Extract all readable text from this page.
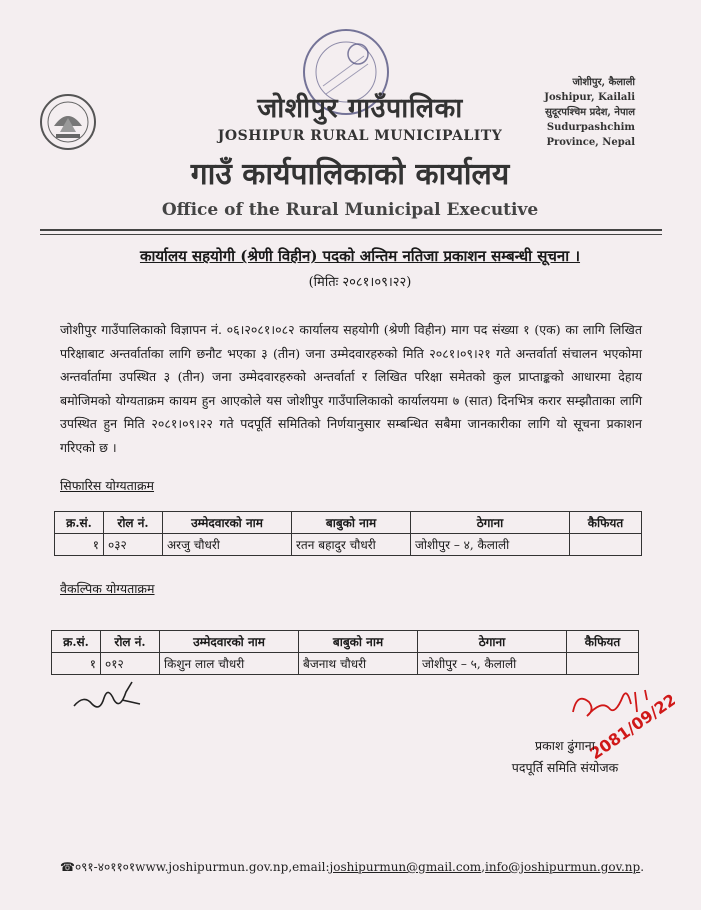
जोशीपुर गाउँपालिका
JOSHIPUR RURAL MUNICIPALITY
गाउँ कार्यपालिकाको कार्यालय
Office of the Rural Municipal Executive
जोशीपुर, कैलाली
Joshipur, Kailali
सुदूरपश्चिम प्रदेश, नेपाल
Sudurpashchim
Province, Nepal
कार्यालय सहयोगी (श्रेणी विहीन) पदको अन्तिम नतिजा प्रकाशन सम्बन्धी सूचना ।
(मितिः २०८१।०९।२२)
जोशीपुर गाउँपालिकाको विज्ञापन नं. ०६।२०८१।०८२ कार्यालय सहयोगी (श्रेणी विहीन) माग पद संख्या १ (एक) का लागि लिखित परिक्षाबाट अन्तर्वार्ताका लागि छनौट भएका ३ (तीन) जना उम्मेदवारहरुको मिति २०८१।०९।२१ गते अन्तर्वार्ता संचालन भएकोमा अन्तर्वार्तामा उपस्थित ३ (तीन) जना उम्मेदवारहरुको अन्तर्वार्ता र लिखित परिक्षा समेतको कुल प्राप्ताङ्कको आधारमा देहाय बमोजिमको योग्यताक्रम कायम हुन आएकोले यस जोशीपुर गाउँपालिकाको कार्यालयमा ७ (सात) दिनभित्र करार सम्झौताका लागि उपस्थित हुन मिति २०८१।०९।२२ गते पदपूर्ति समितिको निर्णयानुसार सम्बन्धित सबैमा जानकारीका लागि यो सूचना प्रकाशन गरिएको छ ।
सिफारिस योग्यताक्रम
क्र.सं.	रोल नं.	उम्मेदवारको नाम	बाबुको नाम	ठेगाना	कैफियत
१	०३२	अरजु चौधरी	रतन बहादुर चौधरी	जोशीपुर – ४, कैलाली	
वैकल्पिक योग्यताक्रम
क्र.सं.	रोल नं.	उम्मेदवारको नाम	बाबुको नाम	ठेगाना	कैफियत
१	०१२	किशुन लाल चौधरी	बैजनाथ चौधरी	जोशीपुर – ५, कैलाली	
2081/09/22
प्रकाश ढुंगाना
पदपूर्ति समिति संयोजक
☎०९१-४०११०१www.joshipurmun.gov.np,email:joshipurmun@gmail.com,info@joshipurmun.gov.np.
